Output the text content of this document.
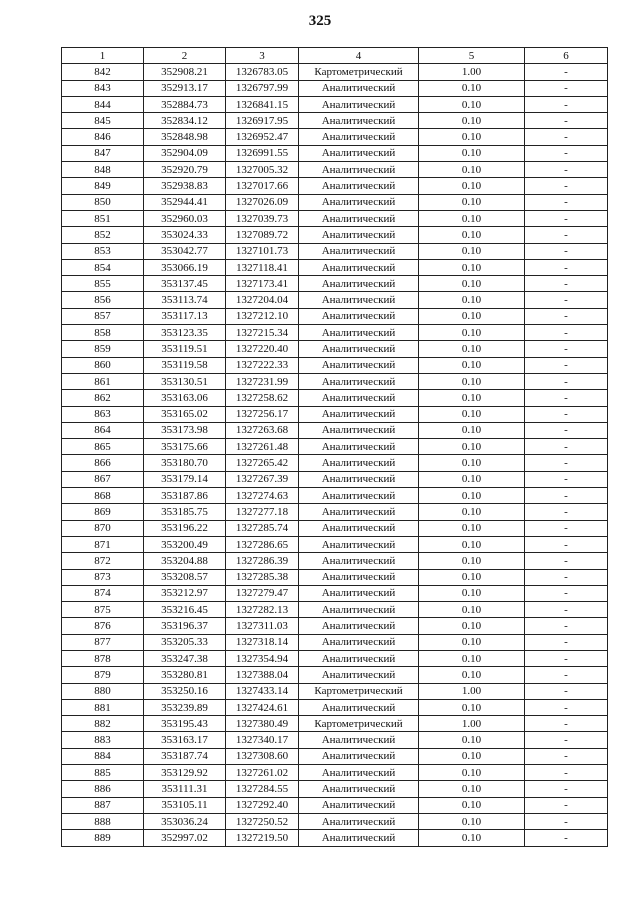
325
1	2	3	4	5	6
842	352908.21	1326783.05	Картометрический	1.00	-
843	352913.17	1326797.99	Аналитический	0.10	-
844	352884.73	1326841.15	Аналитический	0.10	-
845	352834.12	1326917.95	Аналитический	0.10	-
846	352848.98	1326952.47	Аналитический	0.10	-
847	352904.09	1326991.55	Аналитический	0.10	-
848	352920.79	1327005.32	Аналитический	0.10	-
849	352938.83	1327017.66	Аналитический	0.10	-
850	352944.41	1327026.09	Аналитический	0.10	-
851	352960.03	1327039.73	Аналитический	0.10	-
852	353024.33	1327089.72	Аналитический	0.10	-
853	353042.77	1327101.73	Аналитический	0.10	-
854	353066.19	1327118.41	Аналитический	0.10	-
855	353137.45	1327173.41	Аналитический	0.10	-
856	353113.74	1327204.04	Аналитический	0.10	-
857	353117.13	1327212.10	Аналитический	0.10	-
858	353123.35	1327215.34	Аналитический	0.10	-
859	353119.51	1327220.40	Аналитический	0.10	-
860	353119.58	1327222.33	Аналитический	0.10	-
861	353130.51	1327231.99	Аналитический	0.10	-
862	353163.06	1327258.62	Аналитический	0.10	-
863	353165.02	1327256.17	Аналитический	0.10	-
864	353173.98	1327263.68	Аналитический	0.10	-
865	353175.66	1327261.48	Аналитический	0.10	-
866	353180.70	1327265.42	Аналитический	0.10	-
867	353179.14	1327267.39	Аналитический	0.10	-
868	353187.86	1327274.63	Аналитический	0.10	-
869	353185.75	1327277.18	Аналитический	0.10	-
870	353196.22	1327285.74	Аналитический	0.10	-
871	353200.49	1327286.65	Аналитический	0.10	-
872	353204.88	1327286.39	Аналитический	0.10	-
873	353208.57	1327285.38	Аналитический	0.10	-
874	353212.97	1327279.47	Аналитический	0.10	-
875	353216.45	1327282.13	Аналитический	0.10	-
876	353196.37	1327311.03	Аналитический	0.10	-
877	353205.33	1327318.14	Аналитический	0.10	-
878	353247.38	1327354.94	Аналитический	0.10	-
879	353280.81	1327388.04	Аналитический	0.10	-
880	353250.16	1327433.14	Картометрический	1.00	-
881	353239.89	1327424.61	Аналитический	0.10	-
882	353195.43	1327380.49	Картометрический	1.00	-
883	353163.17	1327340.17	Аналитический	0.10	-
884	353187.74	1327308.60	Аналитический	0.10	-
885	353129.92	1327261.02	Аналитический	0.10	-
886	353111.31	1327284.55	Аналитический	0.10	-
887	353105.11	1327292.40	Аналитический	0.10	-
888	353036.24	1327250.52	Аналитический	0.10	-
889	352997.02	1327219.50	Аналитический	0.10	-
